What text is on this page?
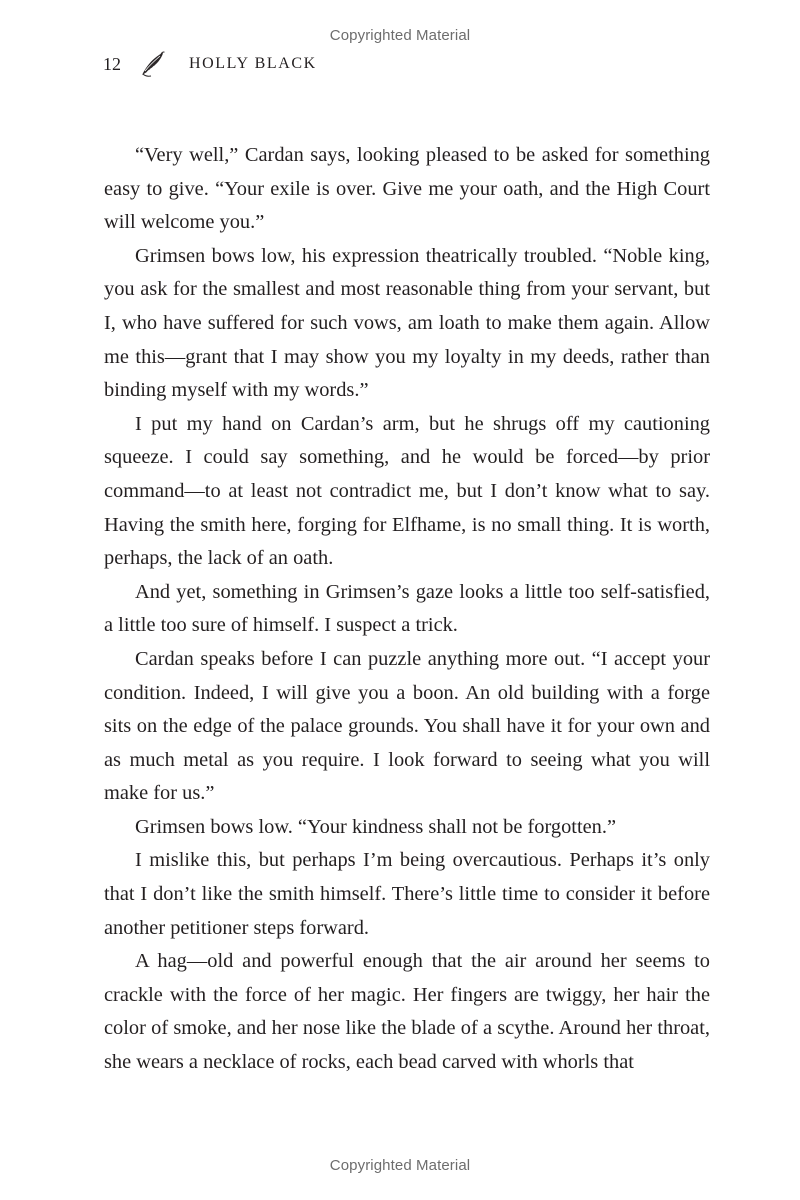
Copyrighted Material
12	HOLLY BLACK

“Very well,” Cardan says, looking pleased to be asked for something easy to give. “Your exile is over. Give me your oath, and the High Court will welcome you.”

Grimsen bows low, his expression theatrically troubled. “Noble king, you ask for the smallest and most reasonable thing from your servant, but I, who have suffered for such vows, am loath to make them again. Allow me this—grant that I may show you my loyalty in my deeds, rather than binding myself with my words.”

I put my hand on Cardan’s arm, but he shrugs off my cautioning squeeze. I could say something, and he would be forced—by prior command—to at least not contradict me, but I don’t know what to say. Having the smith here, forging for Elfhame, is no small thing. It is worth, perhaps, the lack of an oath.

And yet, something in Grimsen’s gaze looks a little too self-satisfied, a little too sure of himself. I suspect a trick.

Cardan speaks before I can puzzle anything more out. “I accept your condition. Indeed, I will give you a boon. An old building with a forge sits on the edge of the palace grounds. You shall have it for your own and as much metal as you require. I look forward to seeing what you will make for us.”

Grimsen bows low. “Your kindness shall not be forgotten.”

I mislike this, but perhaps I’m being overcautious. Perhaps it’s only that I don’t like the smith himself. There’s little time to consider it before another petitioner steps forward.

A hag—old and powerful enough that the air around her seems to crackle with the force of her magic. Her fingers are twiggy, her hair the color of smoke, and her nose like the blade of a scythe. Around her throat, she wears a necklace of rocks, each bead carved with whorls that

Copyrighted Material
